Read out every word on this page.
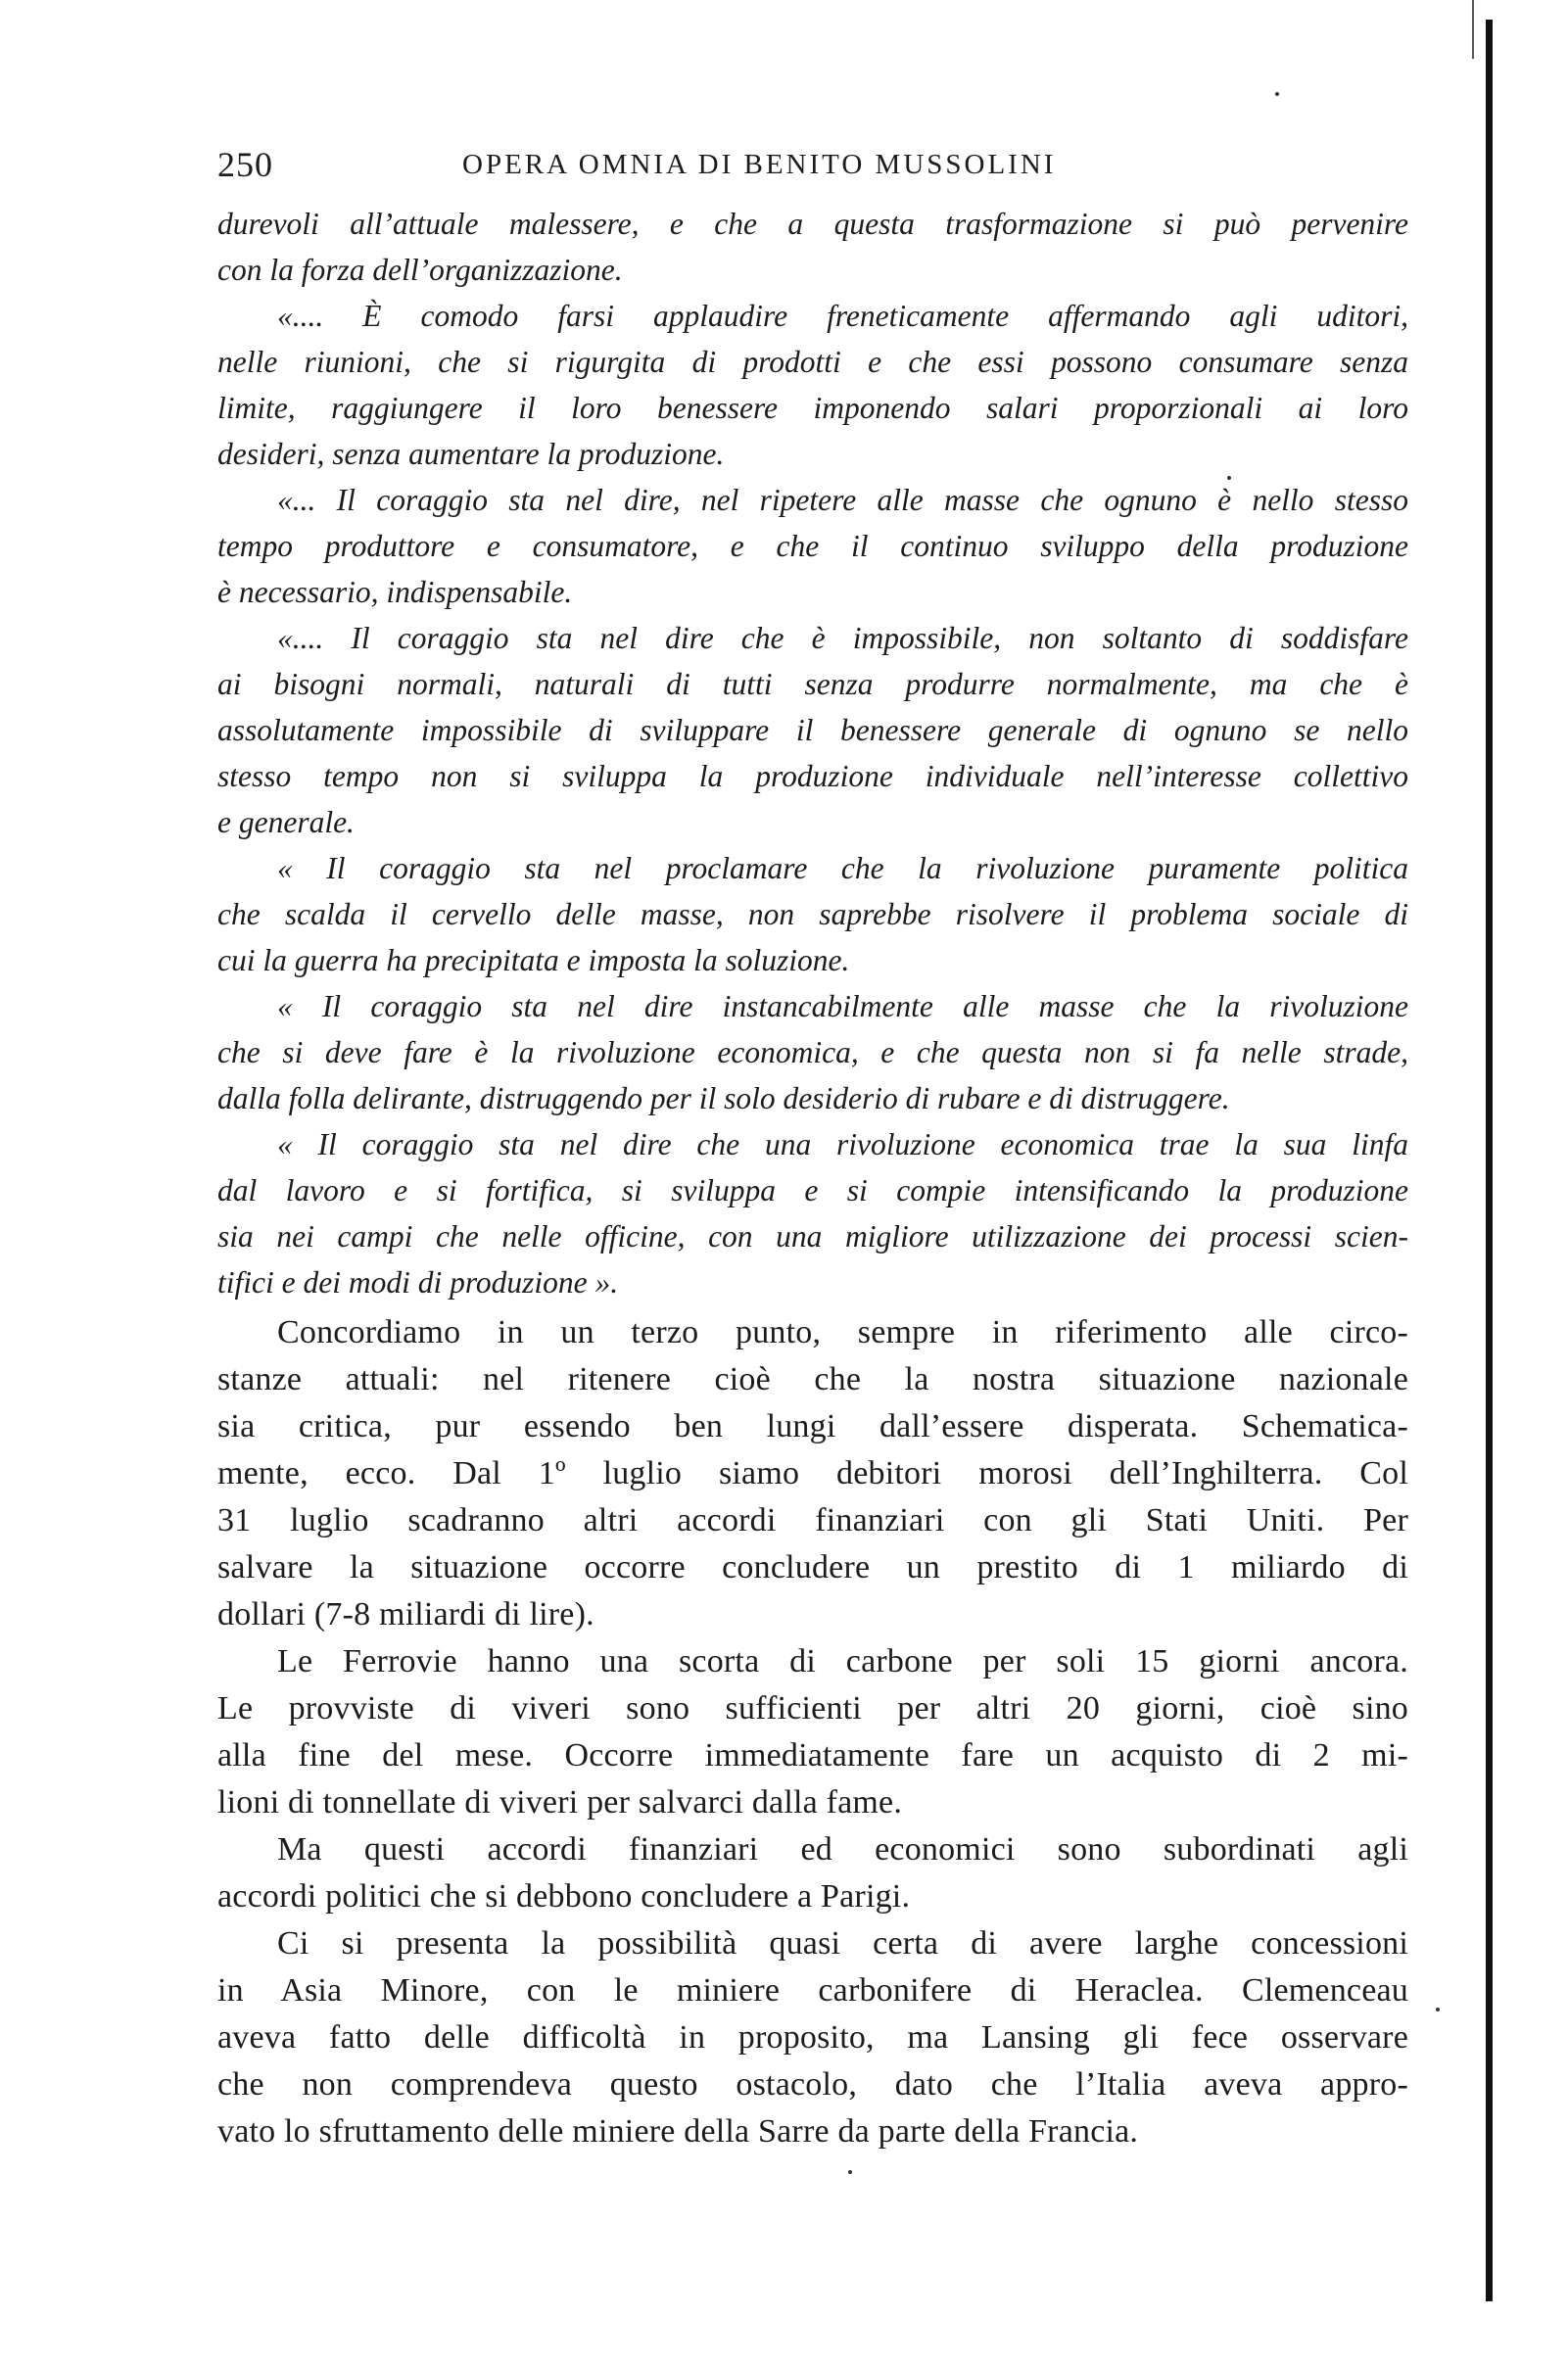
250	OPERA OMNIA DI BENITO MUSSOLINI
durevoli all’attuale malessere, e che a questa trasformazione si può pervenire
con la forza dell’organizzazione.
«.... È comodo farsi applaudire freneticamente affermando agli uditori,
nelle riunioni, che si rigurgita di prodotti e che essi possono consumare senza
limite, raggiungere il loro benessere imponendo salari proporzionali ai loro
desideri, senza aumentare la produzione.
«... Il coraggio sta nel dire, nel ripetere alle masse che ognuno è nello stesso
tempo produttore e consumatore, e che il continuo sviluppo della produzione
è necessario, indispensabile.
«.... Il coraggio sta nel dire che è impossibile, non soltanto di soddisfare
ai bisogni normali, naturali di tutti senza produrre normalmente, ma che è
assolutamente impossibile di sviluppare il benessere generale di ognuno se nello
stesso tempo non si sviluppa la produzione individuale nell’interesse collettivo
e generale.
« Il coraggio sta nel proclamare che la rivoluzione puramente politica
che scalda il cervello delle masse, non saprebbe risolvere il problema sociale di
cui la guerra ha precipitata e imposta la soluzione.
« Il coraggio sta nel dire instancabilmente alle masse che la rivoluzione
che si deve fare è la rivoluzione economica, e che questa non si fa nelle strade,
dalla folla delirante, distruggendo per il solo desiderio di rubare e di distruggere.
« Il coraggio sta nel dire che una rivoluzione economica trae la sua linfa
dal lavoro e si fortifica, si sviluppa e si compie intensificando la produzione
sia nei campi che nelle officine, con una migliore utilizzazione dei processi scien-
tifici e dei modi di produzione ».
Concordiamo in un terzo punto, sempre in riferimento alle circo-
stanze attuali: nel ritenere cioè che la nostra situazione nazionale
sia critica, pur essendo ben lungi dall’essere disperata. Schematica-
mente, ecco. Dal 1º luglio siamo debitori morosi dell’Inghilterra. Col
31 luglio scadranno altri accordi finanziari con gli Stati Uniti. Per
salvare la situazione occorre concludere un prestito di 1 miliardo di
dollari (7-8 miliardi di lire).
Le Ferrovie hanno una scorta di carbone per soli 15 giorni ancora.
Le provviste di viveri sono sufficienti per altri 20 giorni, cioè sino
alla fine del mese. Occorre immediatamente fare un acquisto di 2 mi-
lioni di tonnellate di viveri per salvarci dalla fame.
Ma questi accordi finanziari ed economici sono subordinati agli
accordi politici che si debbono concludere a Parigi.
Ci si presenta la possibilità quasi certa di avere larghe concessioni
in Asia Minore, con le miniere carbonifere di Heraclea. Clemenceau
aveva fatto delle difficoltà in proposito, ma Lansing gli fece osservare
che non comprendeva questo ostacolo, dato che l’Italia aveva appro-
vato lo sfruttamento delle miniere della Sarre da parte della Francia.
